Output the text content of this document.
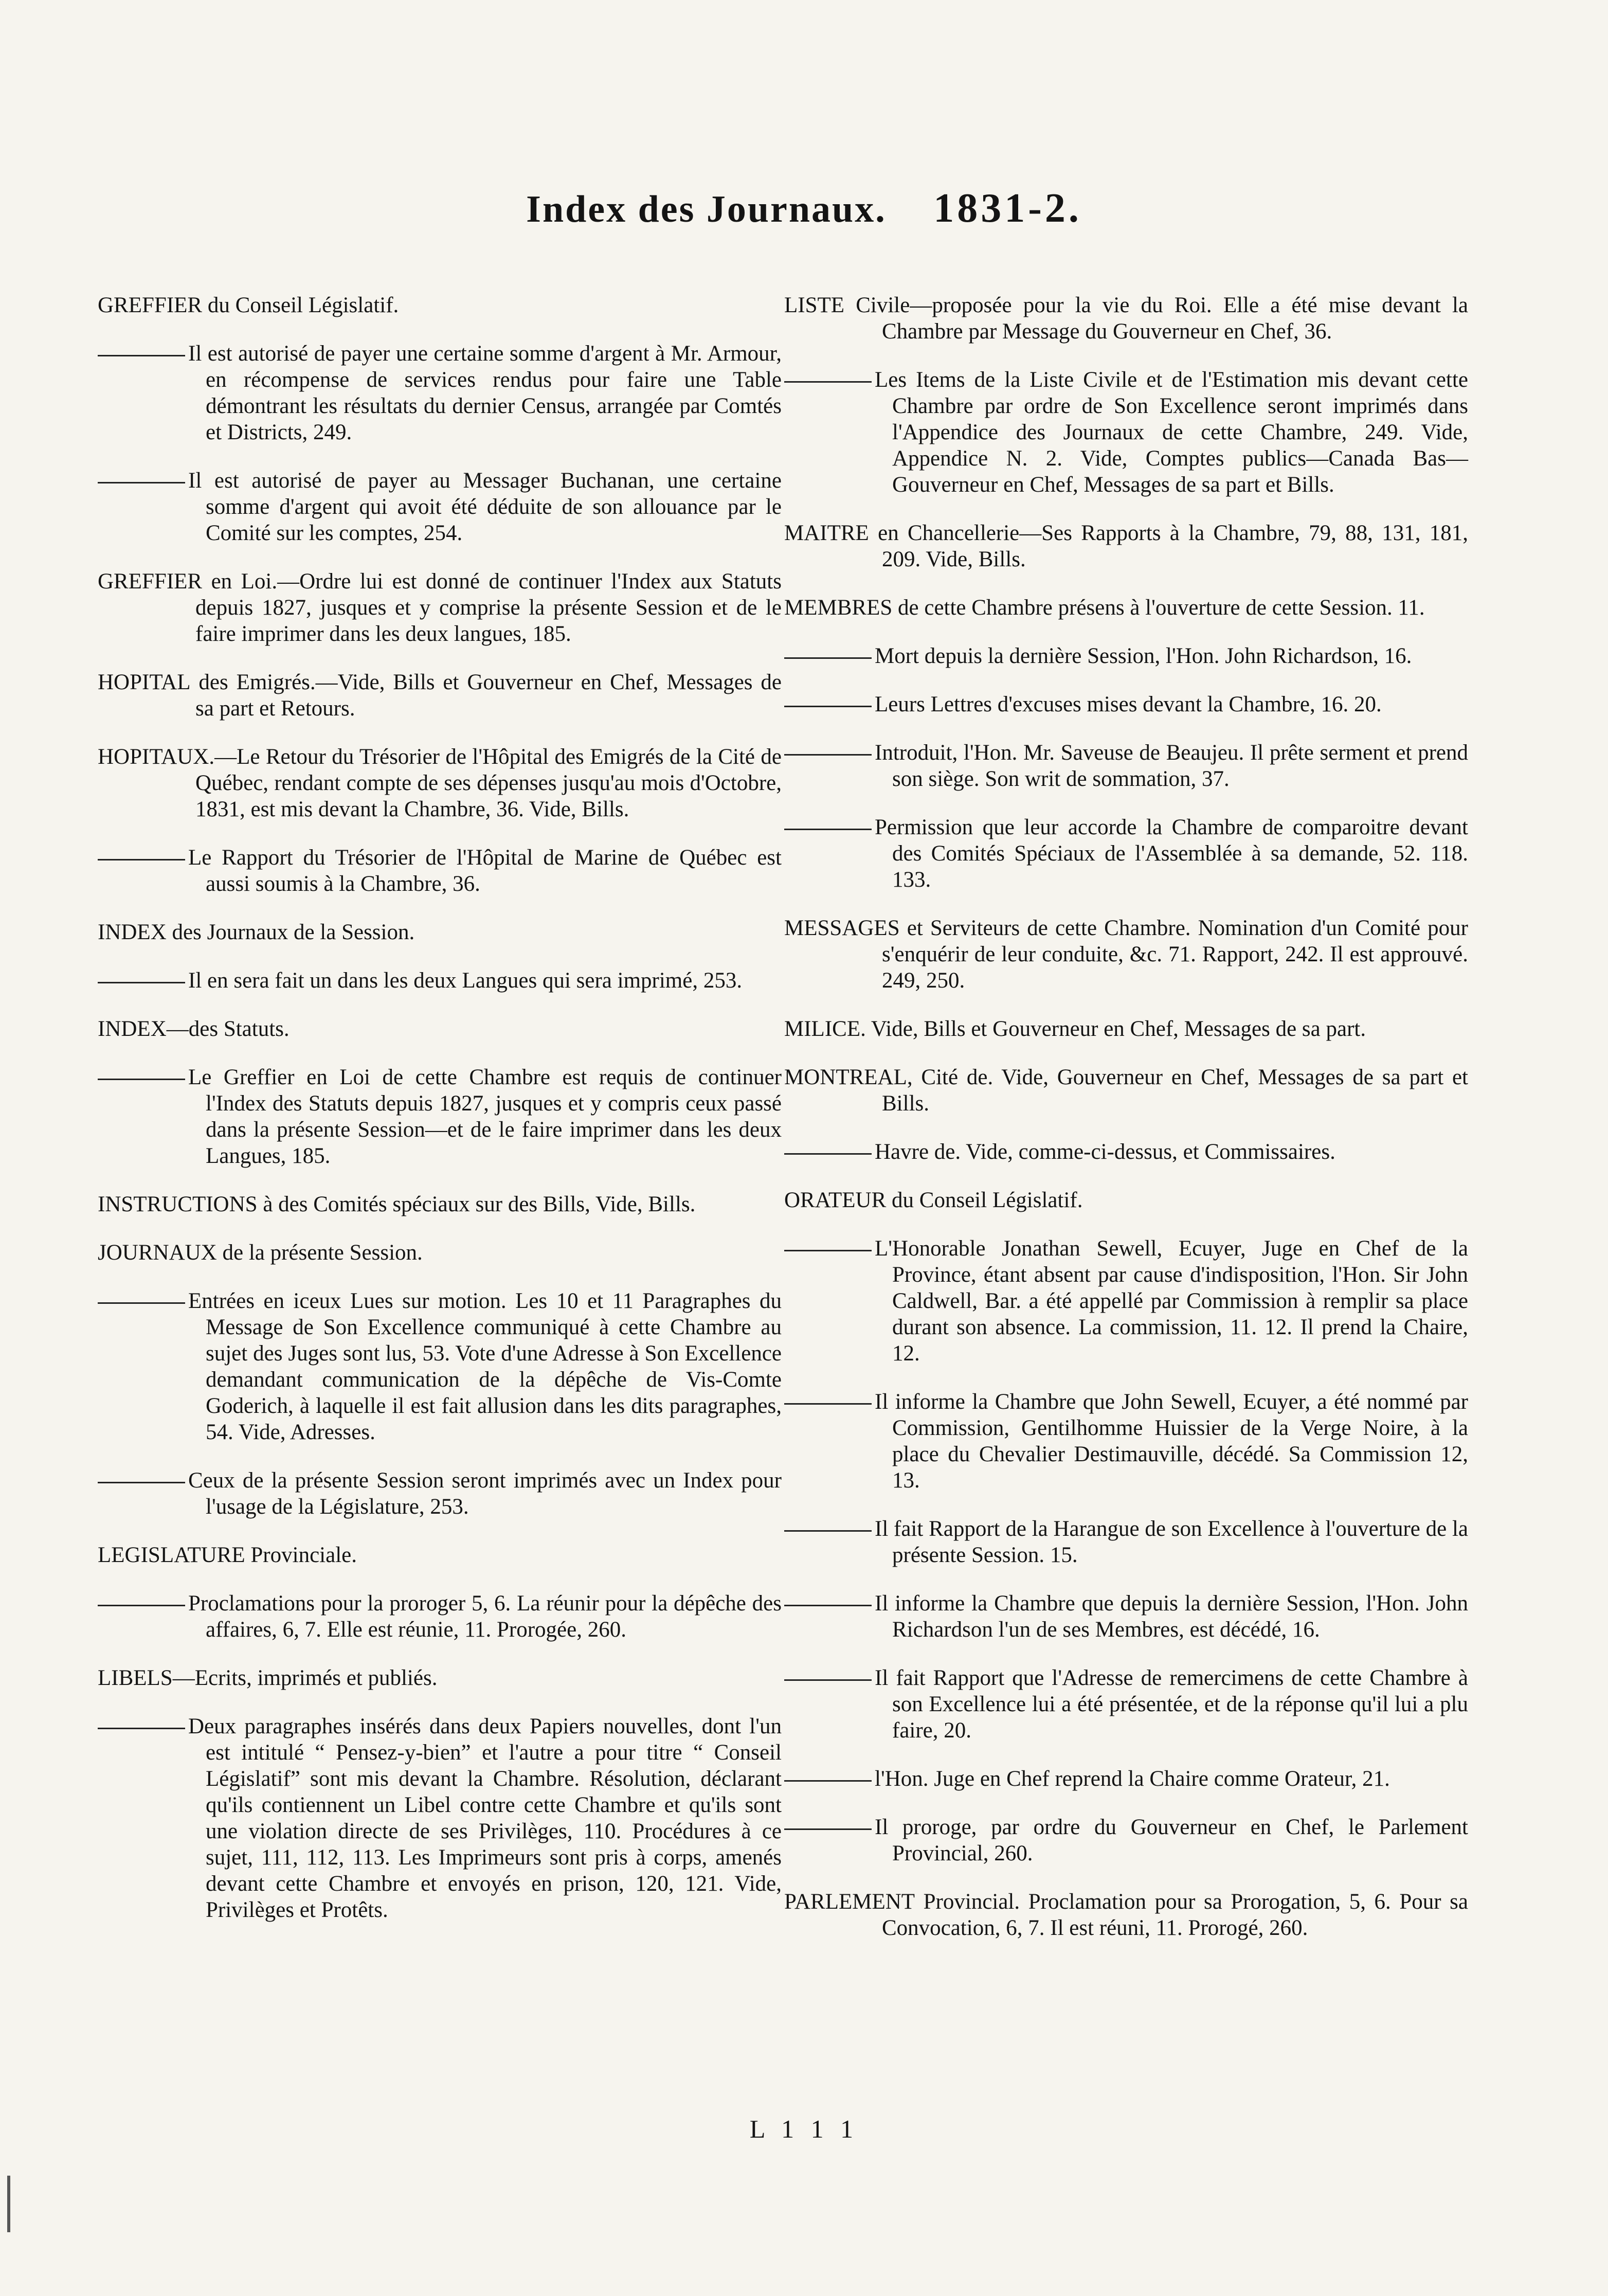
Index des Journaux. 1831-2.

GREFFIER du Conseil Législatif.

Il est autorisé de payer une certaine somme d'argent à Mr. Armour, en récompense de services rendus pour faire une Table démontrant les résultats du dernier Census, arrangée par Comtés et Districts, 249.

Il est autorisé de payer au Messager Buchanan, une certaine somme d'argent qui avoit été déduite de son allouance par le Comité sur les comptes, 254.

GREFFIER en Loi.—Ordre lui est donné de continuer l'Index aux Statuts depuis 1827, jusques et y comprise la présente Session et de le faire imprimer dans les deux langues, 185.

HOPITAL des Emigrés.—Vide, Bills et Gouverneur en Chef, Messages de sa part et Retours.

HOPITAUX.—Le Retour du Trésorier de l'Hôpital des Emigrés de la Cité de Québec, rendant compte de ses dépenses jusqu'au mois d'Octobre, 1831, est mis devant la Chambre, 36. Vide, Bills.

Le Rapport du Trésorier de l'Hôpital de Marine de Québec est aussi soumis à la Chambre, 36.

INDEX des Journaux de la Session.

Il en sera fait un dans les deux Langues qui sera imprimé, 253.

INDEX—des Statuts.

Le Greffier en Loi de cette Chambre est requis de continuer l'Index des Statuts depuis 1827, jusques et y compris ceux passé dans la présente Session—et de le faire imprimer dans les deux Langues, 185.

INSTRUCTIONS à des Comités spéciaux sur des Bills, Vide, Bills.

JOURNAUX de la présente Session.

Entrées en iceux Lues sur motion. Les 10 et 11 Paragraphes du Message de Son Excellence communiqué à cette Chambre au sujet des Juges sont lus, 53. Vote d'une Adresse à Son Excellence demandant communication de la dépêche de Vis-Comte Goderich, à laquelle il est fait allusion dans les dits paragraphes, 54. Vide, Adresses.

Ceux de la présente Session seront imprimés avec un Index pour l'usage de la Législature, 253.

LEGISLATURE Provinciale.

Proclamations pour la proroger 5, 6. La réunir pour la dépêche des affaires, 6, 7. Elle est réunie, 11. Prorogée, 260.

LIBELS—Ecrits, imprimés et publiés.

Deux paragraphes insérés dans deux Papiers nouvelles, dont l'un est intitulé “ Pensez-y-bien” et l'autre a pour titre “ Conseil Législatif” sont mis devant la Chambre. Résolution, déclarant qu'ils contiennent un Libel contre cette Chambre et qu'ils sont une violation directe de ses Privilèges, 110. Procédures à ce sujet, 111, 112, 113. Les Imprimeurs sont pris à corps, amenés devant cette Chambre et envoyés en prison, 120, 121. Vide, Privilèges et Protêts.

LISTE Civile—proposée pour la vie du Roi. Elle a été mise devant la Chambre par Message du Gouverneur en Chef, 36.

Les Items de la Liste Civile et de l'Estimation mis devant cette Chambre par ordre de Son Excellence seront imprimés dans l'Appendice des Journaux de cette Chambre, 249. Vide, Appendice N. 2. Vide, Comptes publics—Canada Bas—Gouverneur en Chef, Messages de sa part et Bills.

MAITRE en Chancellerie—Ses Rapports à la Chambre, 79, 88, 131, 181, 209. Vide, Bills.

MEMBRES de cette Chambre présens à l'ouverture de cette Session. 11.

Mort depuis la dernière Session, l'Hon. John Richardson, 16.

Leurs Lettres d'excuses mises devant la Chambre, 16. 20.

Introduit, l'Hon. Mr. Saveuse de Beaujeu. Il prête serment et prend son siège. Son writ de sommation, 37.

Permission que leur accorde la Chambre de comparoitre devant des Comités Spéciaux de l'Assemblée à sa demande, 52. 118. 133.

MESSAGES et Serviteurs de cette Chambre. Nomination d'un Comité pour s'enquérir de leur conduite, &c. 71. Rapport, 242. Il est approuvé. 249, 250.

MILICE. Vide, Bills et Gouverneur en Chef, Messages de sa part.

MONTREAL, Cité de. Vide, Gouverneur en Chef, Messages de sa part et Bills.

Havre de. Vide, comme-ci-dessus, et Commissaires.

ORATEUR du Conseil Législatif.

L'Honorable Jonathan Sewell, Ecuyer, Juge en Chef de la Province, étant absent par cause d'indisposition, l'Hon. Sir John Caldwell, Bar. a été appellé par Commission à remplir sa place durant son absence. La commission, 11. 12. Il prend la Chaire, 12.

Il informe la Chambre que John Sewell, Ecuyer, a été nommé par Commission, Gentilhomme Huissier de la Verge Noire, à la place du Chevalier Destimauville, décédé. Sa Commission 12, 13.

Il fait Rapport de la Harangue de son Excellence à l'ouverture de la présente Session. 15.

Il informe la Chambre que depuis la dernière Session, l'Hon. John Richardson l'un de ses Membres, est décédé, 16.

Il fait Rapport que l'Adresse de remercimens de cette Chambre à son Excellence lui a été présentée, et de la réponse qu'il lui a plu faire, 20.

l'Hon. Juge en Chef reprend la Chaire comme Orateur, 21.

Il proroge, par ordre du Gouverneur en Chef, le Parlement Provincial, 260.

PARLEMENT Provincial. Proclamation pour sa Prorogation, 5, 6. Pour sa Convocation, 6, 7. Il est réuni, 11. Prorogé, 260.

L 1 1 1
